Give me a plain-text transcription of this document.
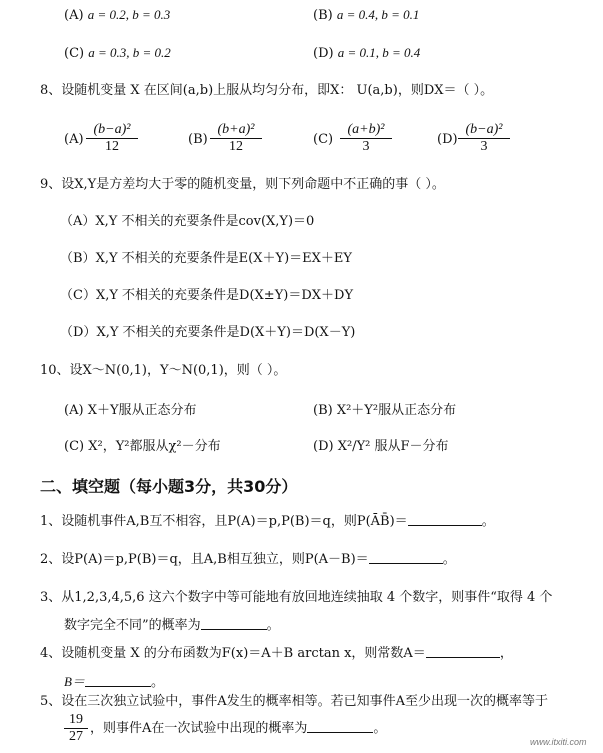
(A) a = 0.2, b = 0.3	(B) a = 0.4, b = 0.1
(C) a = 0.3, b = 0.2	(D) a = 0.1, b = 0.4
8、设随机变量 X 在区间(a,b)上服从均匀分布，即X： U(a,b)，则DX＝（ ）。
$(A) \frac{\text{(b−a)²}}{12}$	$(B) \frac{\text{(b+a)²}}{12}$	$(C) \frac{\text{(a+b)²}}{3}$	$(D) \frac{\text{(b−a)²}}{3}$
9、设X,Y是方差均大于零的随机变量，则下列命题中不正确的事（ ）。
（A）X,Y 不相关的充要条件是cov(X,Y)＝0
（B）X,Y 不相关的充要条件是E(X＋Y)＝EX＋EY
（C）X,Y 不相关的充要条件是D(X±Y)＝DX＋DY
（D）X,Y 不相关的充要条件是D(X＋Y)＝D(X－Y)
10、设X～N(0,1)，Y～N(0,1)，则（ ）。
(A) X＋Y服从正态分布	(B) X²＋Y²服从正态分布
(C) X²，Y²都服从χ²－分布	(D) X²/Y² 服从F－分布
二、填空题（每小题3分，共30分）
1、设随机事件A,B互不相容，且P(A)＝p,P(B)＝q，则P(ĀB̄)＝	。
2、设P(A)＝p,P(B)＝q，且A,B相互独立，则P(A－B)＝	。
3、从1,2,3,4,5,6 这六个数字中等可能地有放回地连续抽取 4 个数字，则事件“取得 4 个
数字完全不同”的概率为	。
4、设随机变量 X 的分布函数为F(x)＝A＋B arctan x，则常数A＝	，
B＝	。
5、设在三次独立试验中，事件A发生的概率相等。若已知事件A至少出现一次的概率等于
$\frac{19}{27}$ ，则事件A在一次试验中出现的概率为	。
www.itxiti.com
